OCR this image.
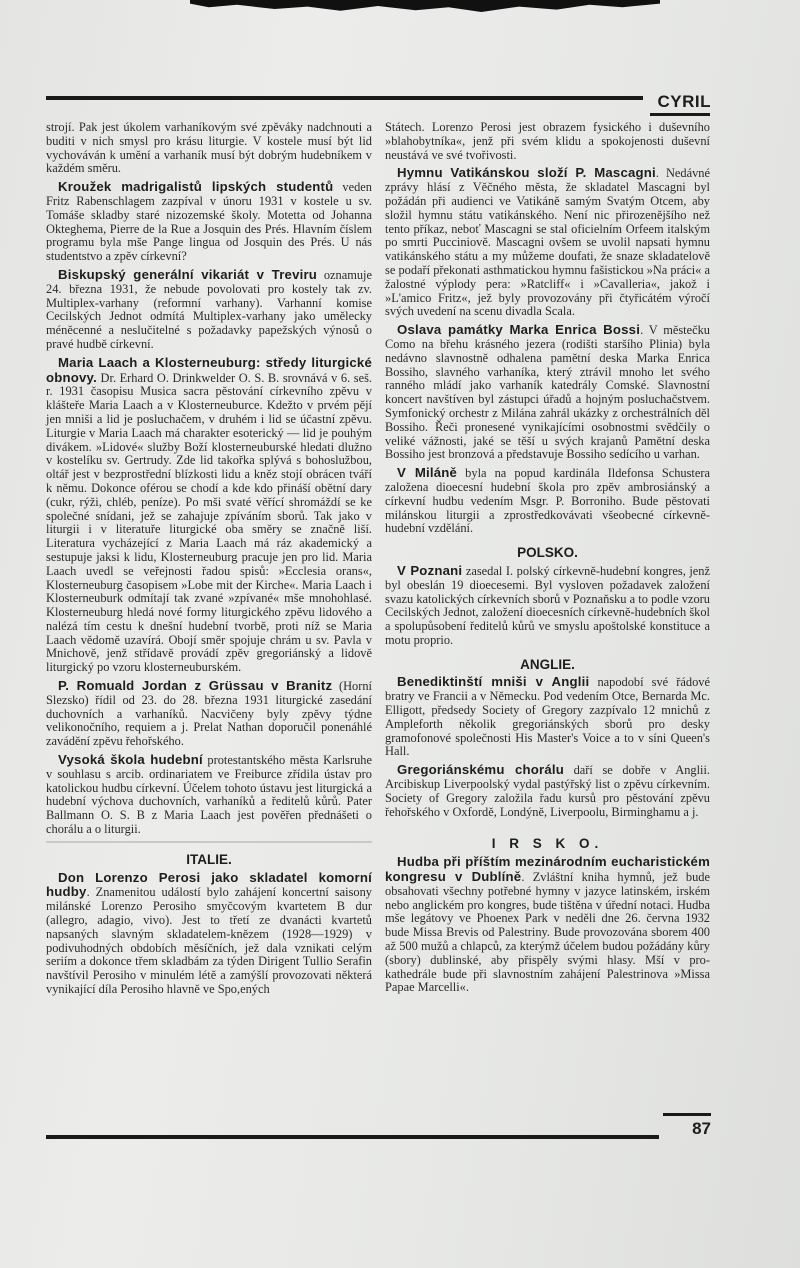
CYRIL

strojí. Pak jest úkolem varhaníkovým své zpěváky nadchnouti a buditi v nich smysl pro krásu liturgie. V kostele musí být lid vychováván k umění a varhaník musí být dobrým hudebníkem v každém směru.

Kroužek madrigalistů lipských studentů veden Fritz Rabenschlagem zazpíval v únoru 1931 v kostele u sv. Tomáše skladby staré nizozemské školy. Motetta od Johanna Okteghema, Pierre de la Rue a Josquin des Prés. Hlavním číslem programu byla mše Pange lingua od Josquin des Prés. U nás studentstvo a zpěv církevní?

Biskupský generální vikariát v Treviru oznamuje 24. března 1931, že nebude povolovati pro kostely tak zv. Multiplex-varhany (reformní varhany). Varhanní komise Cecilských Jednot odmítá Multiplex-varhany jako umělecky méněcenné a neslučitelné s požadavky papežských výnosů o pravé hudbě církevní.

Maria Laach a Klosterneuburg: středy liturgické obnovy. Dr. Erhard O. Drinkwelder O. S. B. srovnává v 6. seš. r. 1931 časopisu Musica sacra pěstování církevního zpěvu v klášteře Maria Laach a v Klosterneuburce. Kdežto v prvém pějí jen mniši a lid je posluchačem, v druhém i lid se účastní zpěvu. Liturgie v Maria Laach má charakter esoterický — lid je pouhým divákem. »Lidové« služby Boží klosterneuburské hledati dlužno v kostelíku sv. Gertrudy. Zde lid takořka splývá s bohoslužbou, oltář jest v bezprostřední blízkosti lidu a kněz stojí obrácen tváří k němu. Dokonce oférou se chodí a kde kdo přináší obětní dary (cukr, rýži, chléb, peníze). Po mši svaté věřící shromáždí se ke společné snídani, jež se zahajuje zpíváním sborů. Tak jako v liturgii i v literatuře liturgické oba směry se značně liší. Literatura vycházející z Maria Laach má ráz akademický a sestupuje jaksi k lidu, Klosterneuburg pracuje jen pro lid. Maria Laach uvedl se veřejnosti řadou spisů: »Ecclesia orans«, Klosterneuburg časopisem »Lobe mit der Kirche«. Maria Laach i Klosterneuburk odmítají tak zvané »zpívané« mše mnohohlasé. Klosterneuburg hledá nové formy liturgického zpěvu lidového a nalézá tím cestu k dnešní hudební tvorbě, proti níž se Maria Laach vědomě uzavírá. Obojí směr spojuje chrám u sv. Pavla v Mnichově, jenž střídavě provádí zpěv gregoriánský a lidově liturgický po vzoru klosterneuburském.

P. Romuald Jordan z Grüssau v Branitz (Horní Slezsko) řídil od 23. do 28. března 1931 liturgické zasedání duchovních a varhaníků. Nacvičeny byly zpěvy týdne velikonočního, requiem a j. Prelat Nathan doporučil ponenáhlé zavádění zpěvu řehořského.

Vysoká škola hudební protestantského města Karlsruhe v souhlasu s arcib. ordinariatem ve Freiburce zřídila ústav pro katolickou hudbu církevní. Účelem tohoto ústavu jest liturgická a hudební výchova duchovních, varhaníků a ředitelů kůrů. Pater Ballmann O. S. B z Maria Laach jest pověřen přednášeti o chorálu a o liturgii.

ITALIE.

Don Lorenzo Perosi jako skladatel komorní hudby. Znamenitou událostí bylo zahájení koncertní saisony milánské Lorenzo Perosiho smyčcovým kvartetem B dur (allegro, adagio, vivo). Jest to třetí ze dvanácti kvartetů napsaných slavným skladatelem-knězem (1928—1929) v podivuhodných obdobích měsíčních, jež dala vznikati celým seriím a dokonce třem skladbám za týden Dirigent Tullio Serafin navštívil Perosiho v minulém létě a zamýšlí provozovati některá vynikající díla Perosiho hlavně ve Spo,ených

Státech. Lorenzo Perosi jest obrazem fysického i duševního »blahobytníka«, jenž při svém klidu a spokojenosti duševní neustává ve své tvořivosti.

Hymnu Vatikánskou složí P. Mascagni. Nedávné zprávy hlásí z Věčného města, že skladatel Mascagni byl požádán při audienci ve Vatikáně samým Svatým Otcem, aby složil hymnu státu vatikánského. Není nic přirozenějšího než tento příkaz, neboť Mascagni se stal oficielním Orfeem italským po smrti Pucciniově. Mascagni ovšem se uvolil napsati hymnu vatikánského státu a my můžeme doufati, že snaze skladatelově se podaří překonati asthmatickou hymnu fašistickou »Na práci« a žalostné výplody pera: »Ratcliff« i »Cavalleria«, jakož i »L'amico Fritz«, jež byly provozovány při čtyřicátém výročí svých uvedení na scenu divadla Scala.

Oslava památky Marka Enrica Bossi. V městečku Como na břehu krásného jezera (rodišti staršího Plinia) byla nedávno slavnostně odhalena pamětní deska Marka Enrica Bossiho, slavného varhaníka, který ztrávil mnoho let svého ranného mládí jako varhaník katedrály Comské. Slavnostní koncert navštíven byl zástupci úřadů a hojným posluchačstvem. Symfonický orchestr z Milána zahrál ukázky z orchestrálních děl Bossiho. Řeči pronesené vynikajícími osobnostmi svědčily o veliké vážnosti, jaké se těší u svých krajanů Pamětní deska Bossiho jest bronzová a představuje Bossiho sedícího u varhan.

V Miláně byla na popud kardinála Ildefonsa Schustera založena dioecesní hudební škola pro zpěv ambrosiánský a církevní hudbu vedením Msgr. P. Borroniho. Bude pěstovati milánskou liturgii a zprostředkovávati všeobecné církevně-hudební vzdělání.

POLSKO.

V Poznani zasedal I. polský církevně-hudební kongres, jenž byl obeslán 19 dioecesemi. Byl vysloven požadavek založení svazu katolických církevních sborů v Poznaňsku a to podle vzoru Cecilských Jednot, založení dioecesních církevně-hudebních škol a spolupůsobení ředitelů kůrů ve smyslu apoštolské konstituce a motu proprio.

ANGLIE.

Benediktinští mniši v Anglii napodobí své řádové bratry ve Francii a v Německu. Pod vedením Otce, Bernarda Mc. Elligott, předsedy Society of Gregory zazpívalo 12 mnichů z Ampleforth několik gregoriánských sborů pro desky gramofonové společnosti His Master's Voice a to v síni Queen's Hall.

Gregoriánskému chorálu daří se dobře v Anglii. Arcibiskup Liverpoolský vydal pastýřský list o zpěvu církevním. Society of Gregory založila řadu kursů pro pěstování zpěvu řehořského v Oxfordě, Londýně, Liverpoolu, Birminghamu a j.

I R S K O.

Hudba při příštím mezinárodním eucharistickém kongresu v Dublíně. Zvláštní kniha hymnů, jež bude obsahovati všechny potřebné hymny v jazyce latinském, irském nebo anglickém pro kongres, bude tištěna v úřední notaci. Hudba mše legátovy ve Phoenex Park v neděli dne 26. června 1932 bude Missa Brevis od Palestriny. Bude provozována sborem 400 až 500 mužů a chlapců, za kterýmž účelem budou požádány kůry (sbory) dublinské, aby přispěly svými hlasy. Mší v pro-kathedrále bude při slavnostním zahájení Palestrinova »Missa Papae Marcelli«.

87
